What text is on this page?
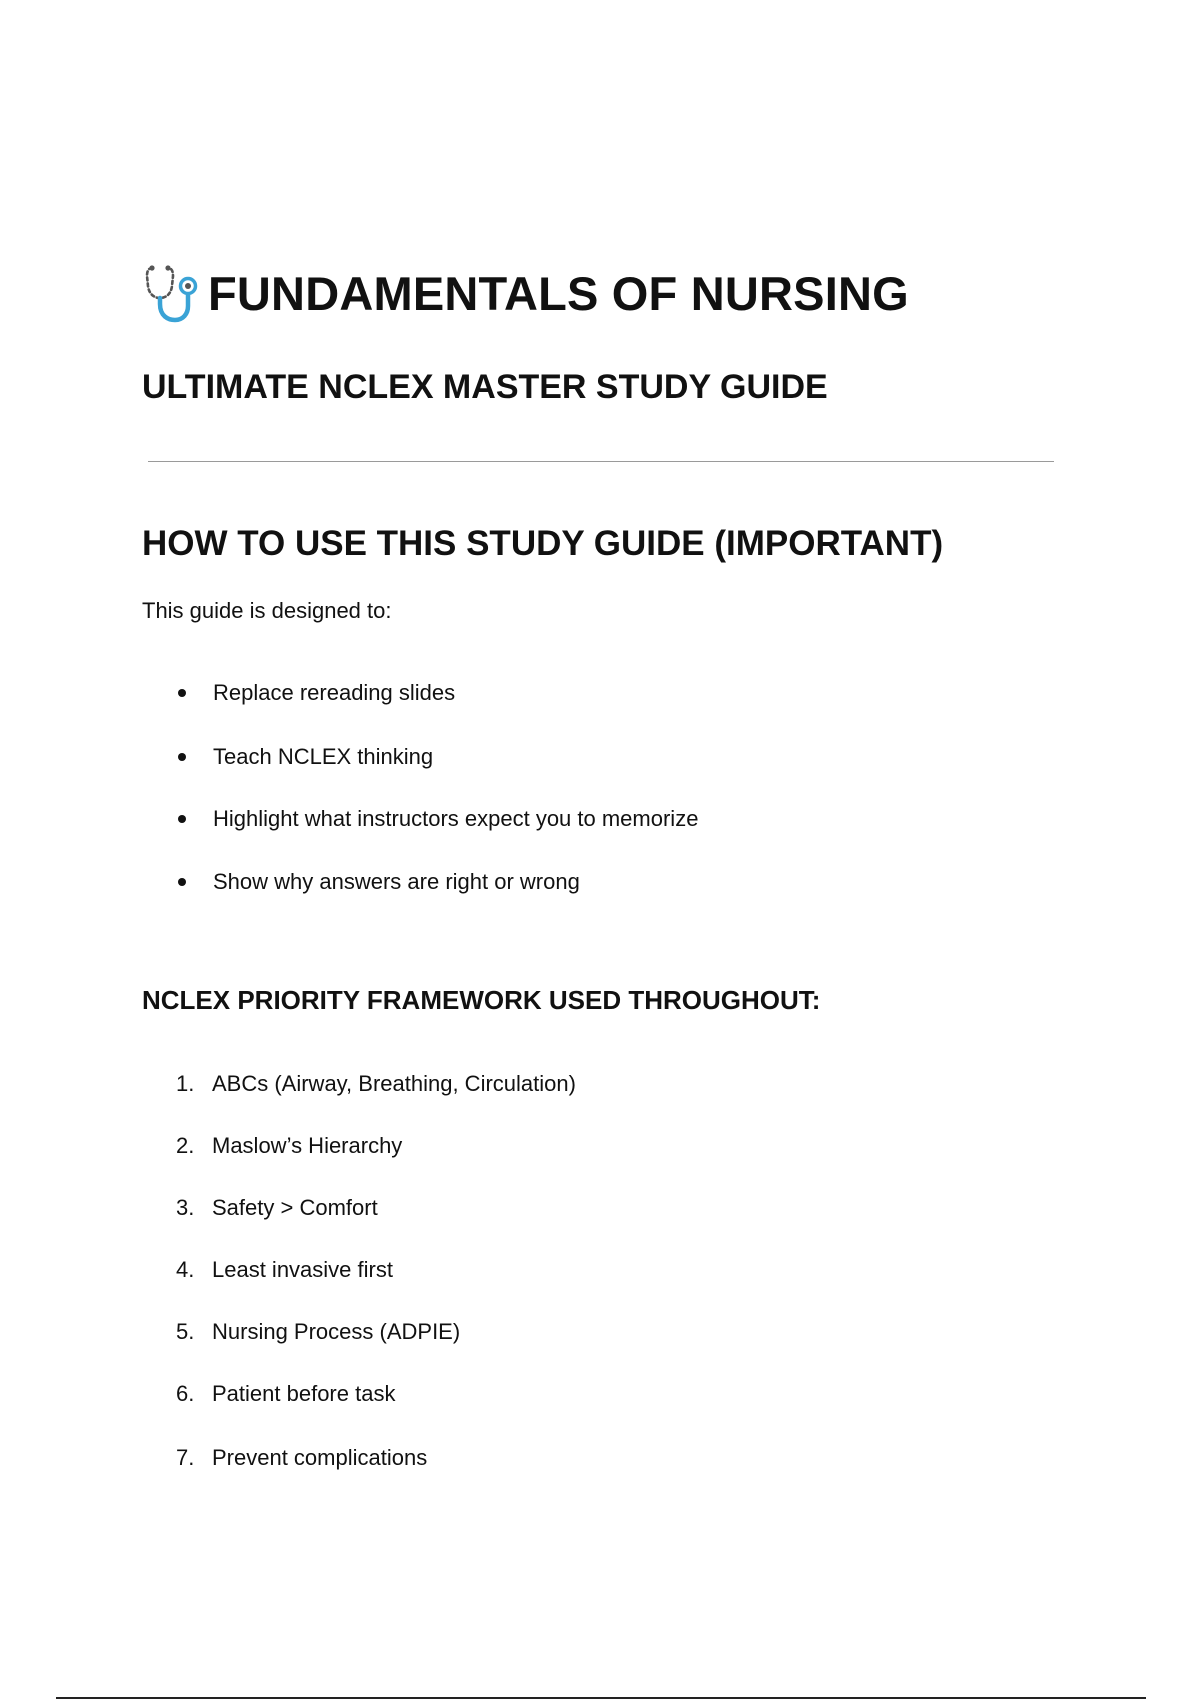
FUNDAMENTALS OF NURSING
ULTIMATE NCLEX MASTER STUDY GUIDE
HOW TO USE THIS STUDY GUIDE (IMPORTANT)
This guide is designed to:
Replace rereading slides
Teach NCLEX thinking
Highlight what instructors expect you to memorize
Show why answers are right or wrong
NCLEX PRIORITY FRAMEWORK USED THROUGHOUT:
1. ABCs (Airway, Breathing, Circulation)
2. Maslow’s Hierarchy
3. Safety > Comfort
4. Least invasive first
5. Nursing Process (ADPIE)
6. Patient before task
7. Prevent complications
